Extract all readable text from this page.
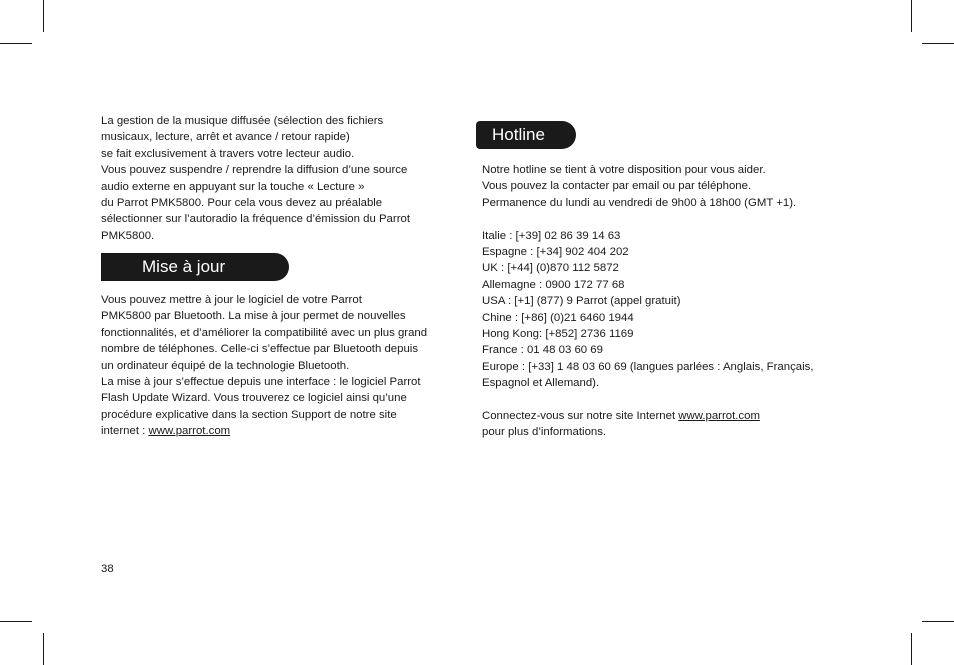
La gestion de la musique diffusée (sélection des fichiers
musicaux, lecture, arrêt et avance / retour rapide)
se fait exclusivement à travers votre lecteur audio.
Vous pouvez suspendre / reprendre la diffusion d’une source
audio externe en appuyant sur la touche « Lecture »
du Parrot PMK5800. Pour cela vous devez au préalable
sélectionner sur l’autoradio la fréquence d’émission du Parrot
PMK5800.
Mise à jour
Vous pouvez mettre à jour le logiciel de votre Parrot
PMK5800 par Bluetooth. La mise à jour permet de nouvelles
fonctionnalités, et d’améliorer la compatibilité avec un plus grand
nombre de téléphones. Celle-ci s’effectue par Bluetooth depuis
un ordinateur équipé de la technologie Bluetooth.
La mise à jour s’effectue depuis une interface : le logiciel Parrot
Flash Update Wizard. Vous trouverez ce logiciel ainsi qu’une
procédure explicative dans la section Support de notre site
internet : www.parrot.com
Hotline
Notre hotline se tient à votre disposition pour vous aider.
Vous pouvez la contacter par email ou par téléphone.
Permanence du lundi au vendredi de 9h00 à 18h00 (GMT +1).
Italie : [+39] 02 86 39 14 63
Espagne : [+34] 902 404 202
UK : [+44] (0)870 112 5872
Allemagne : 0900 172 77 68
USA : [+1] (877) 9 Parrot (appel gratuit)
Chine : [+86] (0)21 6460 1944
Hong Kong: [+852] 2736 1169
France : 01 48 03 60 69
Europe : [+33] 1 48 03 60 69 (langues parlées : Anglais, Français,
Espagnol et Allemand).
Connectez-vous sur notre site Internet www.parrot.com
pour plus d’informations.
38
